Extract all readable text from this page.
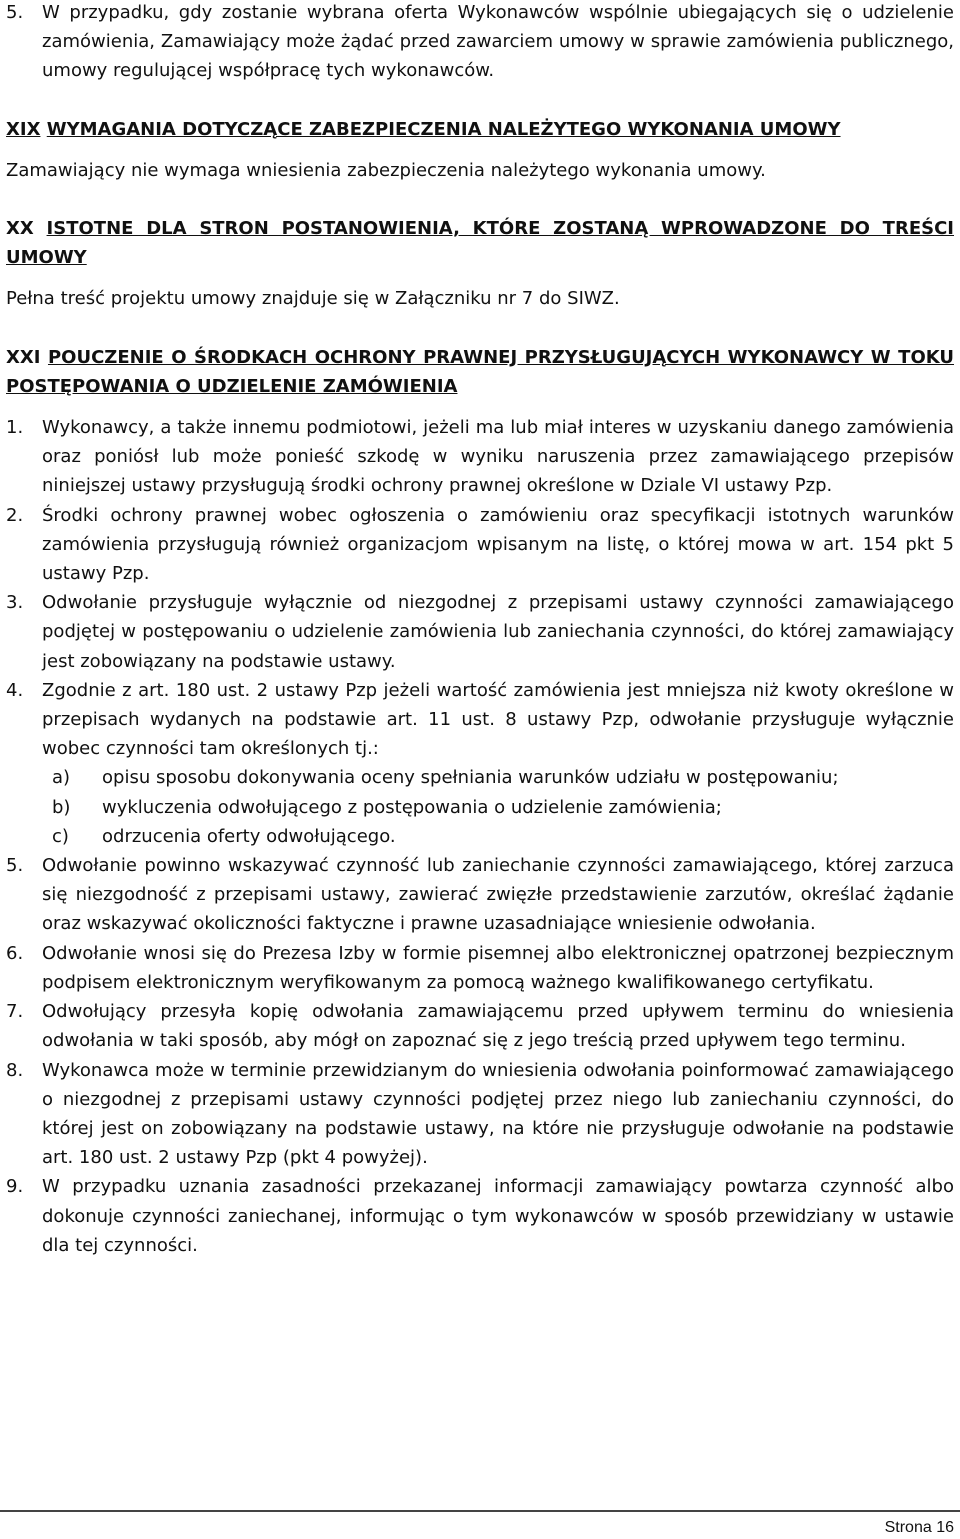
5.	W przypadku, gdy zostanie wybrana oferta Wykonawców wspólnie ubiegających się o udzielenie zamówienia, Zamawiający może żądać przed zawarciem umowy w sprawie zamówienia publicznego, umowy regulującej współpracę tych wykonawców.
XIX WYMAGANIA DOTYCZĄCE ZABEZPIECZENIA NALEŻYTEGO WYKONANIA UMOWY
Zamawiający nie wymaga wniesienia zabezpieczenia należytego wykonania umowy.
XX ISTOTNE DLA STRON POSTANOWIENIA, KTÓRE ZOSTANĄ WPROWADZONE DO TREŚCI UMOWY
Pełna treść projektu umowy znajduje się w Załączniku nr 7 do SIWZ.
XXI POUCZENIE O ŚRODKACH OCHRONY PRAWNEJ PRZYSŁUGUJĄCYCH WYKONAWCY W TOKU POSTĘPOWANIA O UDZIELENIE ZAMÓWIENIA
1.	Wykonawcy, a także innemu podmiotowi, jeżeli ma lub miał interes w uzyskaniu danego zamówienia oraz poniósł lub może ponieść szkodę w wyniku naruszenia przez zamawiającego przepisów niniejszej ustawy przysługują środki ochrony prawnej określone w Dziale VI ustawy Pzp.
2.	Środki ochrony prawnej wobec ogłoszenia o zamówieniu oraz specyfikacji istotnych warunków zamówienia przysługują również organizacjom wpisanym na listę, o której mowa w art. 154 pkt 5 ustawy Pzp.
3.	Odwołanie przysługuje wyłącznie od niezgodnej z przepisami ustawy czynności zamawiającego podjętej w postępowaniu o udzielenie zamówienia lub zaniechania czynności, do której zamawiający jest zobowiązany na podstawie ustawy.
4.	Zgodnie z art. 180 ust. 2 ustawy Pzp jeżeli wartość zamówienia jest mniejsza niż kwoty określone w przepisach wydanych na podstawie art. 11 ust. 8 ustawy Pzp, odwołanie przysługuje wyłącznie wobec czynności tam określonych tj.:
a)	opisu sposobu dokonywania oceny spełniania warunków udziału w postępowaniu;
b)	wykluczenia odwołującego z postępowania o udzielenie zamówienia;
c)	odrzucenia oferty odwołującego.
5.	Odwołanie powinno wskazywać czynność lub zaniechanie czynności zamawiającego, której zarzuca się niezgodność z przepisami ustawy, zawierać zwięzłe przedstawienie zarzutów, określać żądanie oraz wskazywać okoliczności faktyczne i prawne uzasadniające wniesienie odwołania.
6.	Odwołanie wnosi się do Prezesa Izby w formie pisemnej albo elektronicznej opatrzonej bezpiecznym podpisem elektronicznym weryfikowanym za pomocą ważnego kwalifikowanego certyfikatu.
7.	Odwołujący przesyła kopię odwołania zamawiającemu przed upływem terminu do wniesienia odwołania w taki sposób, aby mógł on zapoznać się z jego treścią przed upływem tego terminu.
8.	Wykonawca może w terminie przewidzianym do wniesienia odwołania poinformować zamawiającego o niezgodnej z przepisami ustawy czynności podjętej przez niego lub zaniechaniu czynności, do której jest on zobowiązany na podstawie ustawy, na które nie przysługuje odwołanie na podstawie art. 180 ust. 2 ustawy Pzp (pkt 4 powyżej).
9.	W przypadku uznania zasadności przekazanej informacji zamawiający powtarza czynność albo dokonuje czynności zaniechanej, informując o tym wykonawców w sposób przewidziany w ustawie dla tej czynności.
Strona 16
